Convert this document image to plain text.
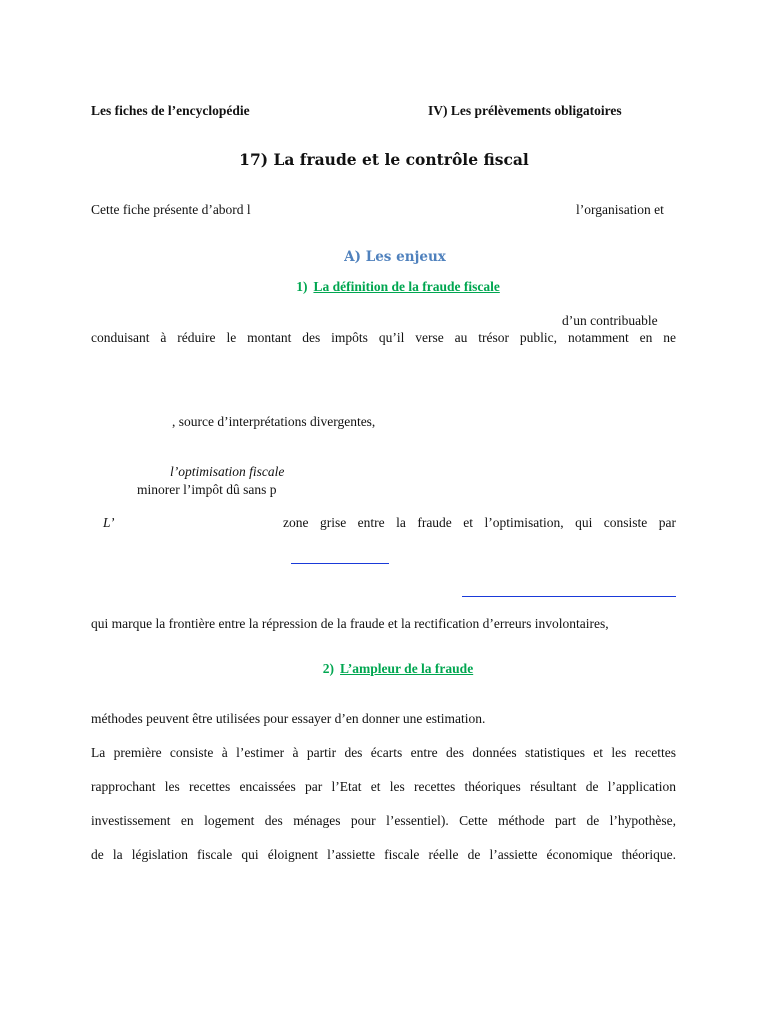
Les fiches de l’encyclopédie	IV) Les prélèvements obligatoires

17) La fraude et le contrôle fiscal

Cette fiche présente d’abord l	l’organisation et

A) Les enjeux

1) La définition de la fraude fiscale

d’un contribuable

conduisant à réduire le montant des impôts qu’il verse au trésor public, notamment en ne

, source d’interprétations divergentes,

l’optimisation fiscale

minorer l’impôt dû sans p

L’	zone grise entre la fraude et l’optimisation, qui consiste par

qui marque la frontière entre la répression de la fraude et la rectification d’erreurs involontaires,

2) L’ampleur de la fraude

méthodes peuvent être utilisées pour essayer d’en donner une estimation.

La première consiste à l’estimer à partir des écarts entre des données statistiques et les recettes

rapprochant les recettes encaissées par l’Etat et les recettes théoriques résultant de l’application

investissement en logement des ménages pour l’essentiel). Cette méthode part de l’hypothèse,

de la législation fiscale qui éloignent l’assiette fiscale réelle de l’assiette économique théorique.
